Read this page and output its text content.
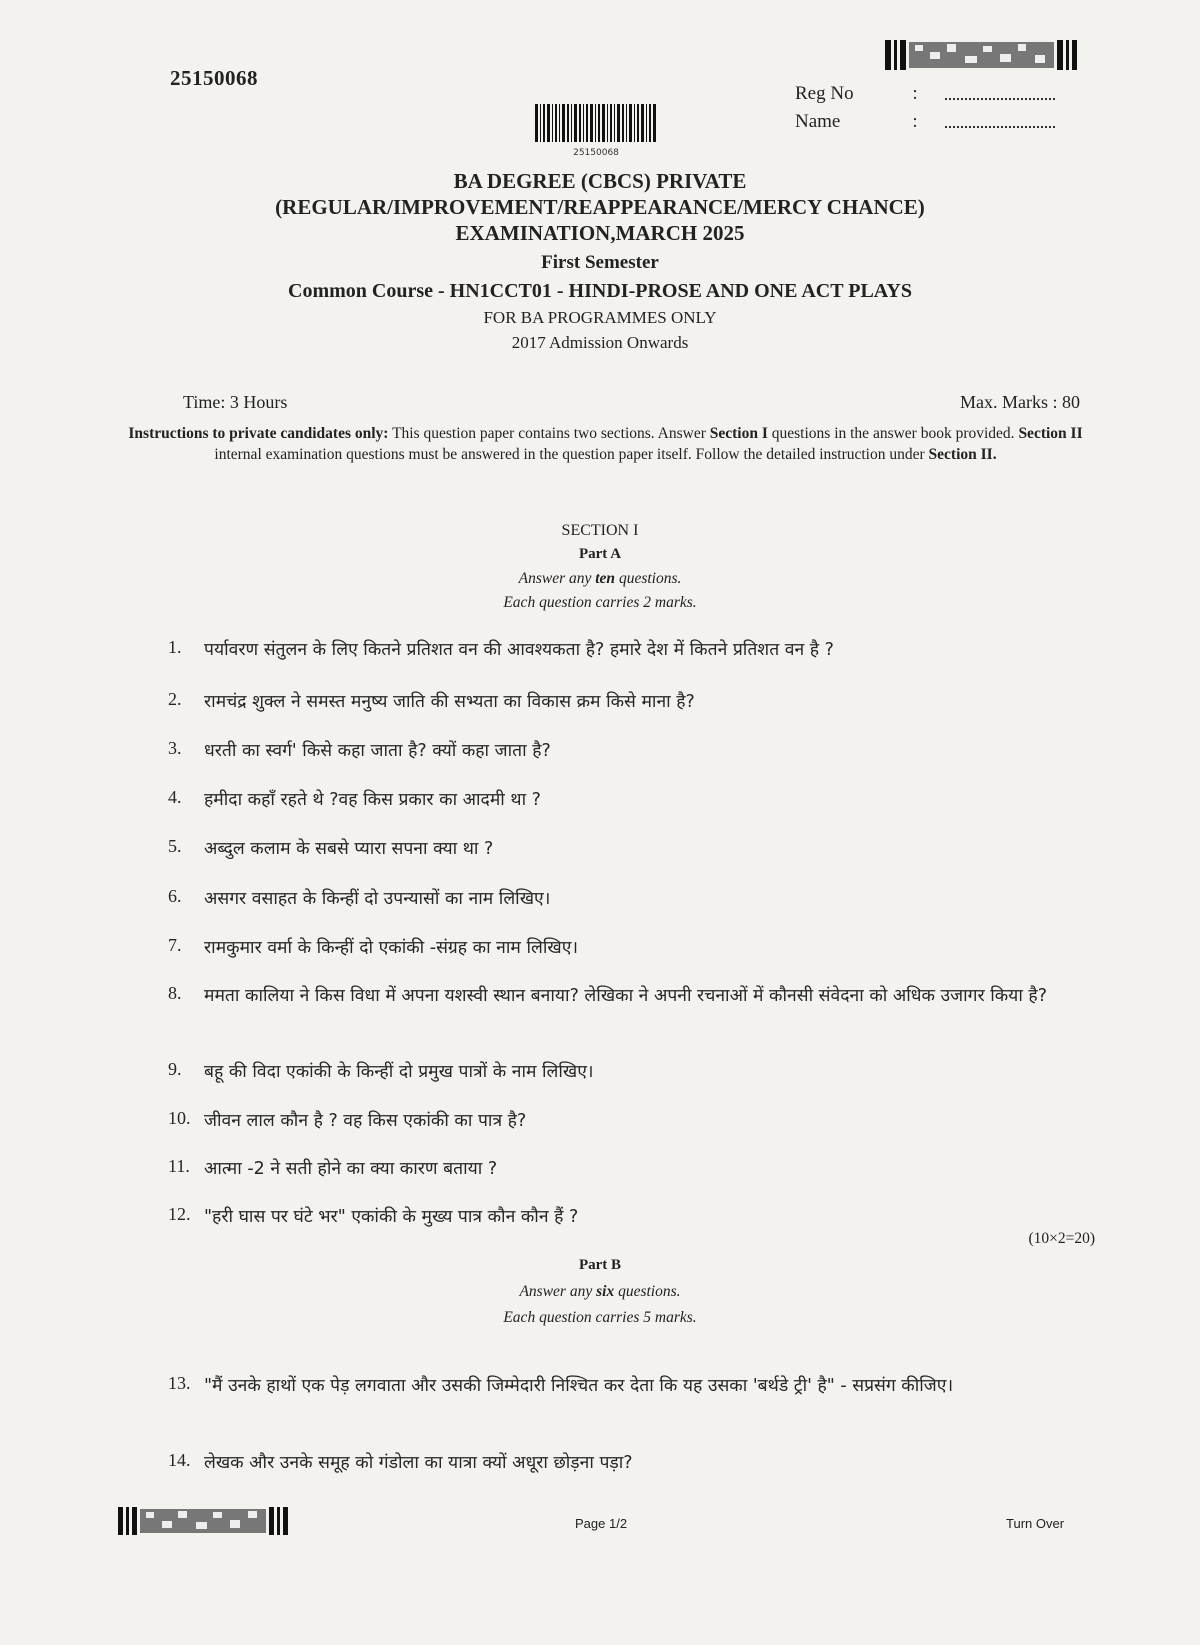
25150068
Reg No	:
Name	:
25150068
BA DEGREE (CBCS) PRIVATE
(REGULAR/IMPROVEMENT/REAPPEARANCE/MERCY CHANCE)
EXAMINATION,MARCH 2025
First Semester
Common Course - HN1CCT01 - HINDI-PROSE AND ONE ACT PLAYS
FOR BA PROGRAMMES ONLY
2017 Admission Onwards
Time: 3 Hours	Max. Marks : 80
Instructions to private candidates only: This question paper contains two sections. Answer Section I questions in the answer book provided. Section II internal examination questions must be answered in the question paper itself. Follow the detailed instruction under Section II.
SECTION I
Part A
Answer any ten questions.
Each question carries 2 marks.
1.	पर्यावरण संतुलन के लिए कितने प्रतिशत वन की आवश्यकता है? हमारे देश में कितने प्रतिशत वन है ?
2.	रामचंद्र शुक्ल ने समस्त मनुष्य जाति की सभ्यता का विकास क्रम किसे माना है?
3.	धरती का स्वर्ग' किसे कहा जाता है? क्यों कहा जाता है?
4.	हमीदा कहाँ रहते थे ?वह किस प्रकार का आदमी था ?
5.	अब्दुल कलाम के सबसे प्यारा सपना क्या था ?
6.	असगर वसाहत के किन्हीं दो उपन्यासों का नाम लिखिए।
7.	रामकुमार वर्मा के किन्हीं दो एकांकी -संग्रह का नाम लिखिए।
8.	ममता कालिया ने किस विधा में अपना यशस्वी स्थान बनाया? लेखिका ने अपनी रचनाओं में कौनसी संवेदना को अधिक उजागर किया है?
9.	बहू की विदा एकांकी के किन्हीं दो प्रमुख पात्रों के नाम लिखिए।
10. जीवन लाल कौन है ? वह किस एकांकी का पात्र है?
11. आत्मा -2 ने सती होने का क्या कारण बताया ?
12. "हरी घास पर घंटे भर" एकांकी के मुख्य पात्र कौन कौन हैं ?
(10×2=20)
Part B
Answer any six questions.
Each question carries 5 marks.
13. "मैं उनके हाथों एक पेड़ लगवाता और उसकी जिम्मेदारी निश्चित कर देता कि यह उसका 'बर्थडे ट्री' है" - सप्रसंग कीजिए।
14. लेखक और उनके समूह को गंडोला का यात्रा क्यों अधूरा छोड़ना पड़ा?
Page 1/2	Turn Over
